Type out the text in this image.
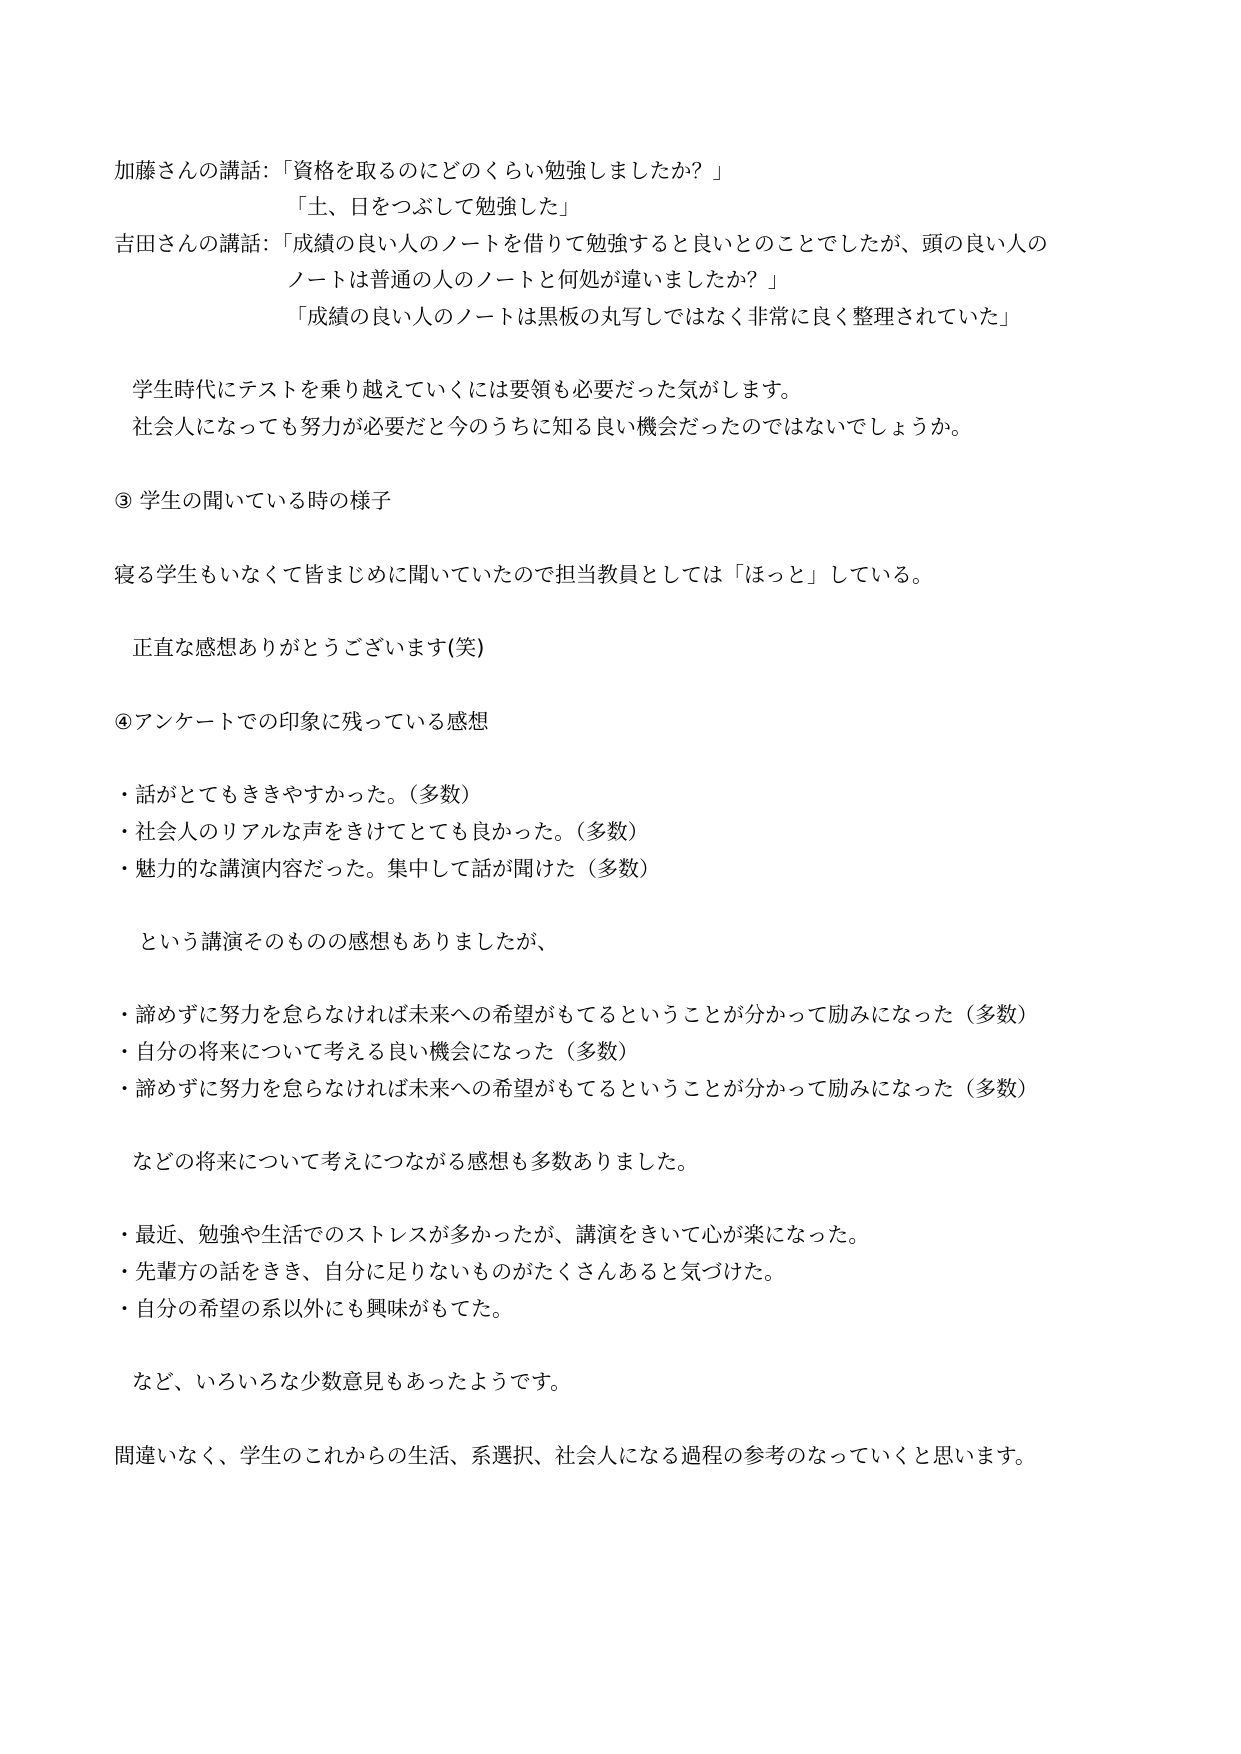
加藤さんの講話：「資格を取るのにどのくらい勉強しましたか？」
「土、日をつぶして勉強した」
吉田さんの講話：「成績の良い人のノートを借りて勉強すると良いとのことでしたが、頭の良い人の
ノートは普通の人のノートと何処が違いましたか？」
「成績の良い人のノートは黒板の丸写しではなく非常に良く整理されていた」
学生時代にテストを乗り越えていくには要領も必要だった気がします。
社会人になっても努力が必要だと今のうちに知る良い機会だったのではないでしょうか。
③ 学生の聞いている時の様子
寝る学生もいなくて皆まじめに聞いていたので担当教員としては「ほっと」している。
正直な感想ありがとうございます(笑)
④アンケートでの印象に残っている感想
・話がとてもききやすかった。（多数）
・社会人のリアルな声をきけてとても良かった。（多数）
・魅力的な講演内容だった。集中して話が聞けた（多数）
という講演そのものの感想もありましたが、
・諦めずに努力を怠らなければ未来への希望がもてるということが分かって励みになった（多数）
・自分の将来について考える良い機会になった（多数）
・諦めずに努力を怠らなければ未来への希望がもてるということが分かって励みになった（多数）
などの将来について考えにつながる感想も多数ありました。
・最近、勉強や生活でのストレスが多かったが、講演をきいて心が楽になった。
・先輩方の話をきき、自分に足りないものがたくさんあると気づけた。
・自分の希望の系以外にも興味がもてた。
など、いろいろな少数意見もあったようです。
間違いなく、学生のこれからの生活、系選択、社会人になる過程の参考のなっていくと思います。
